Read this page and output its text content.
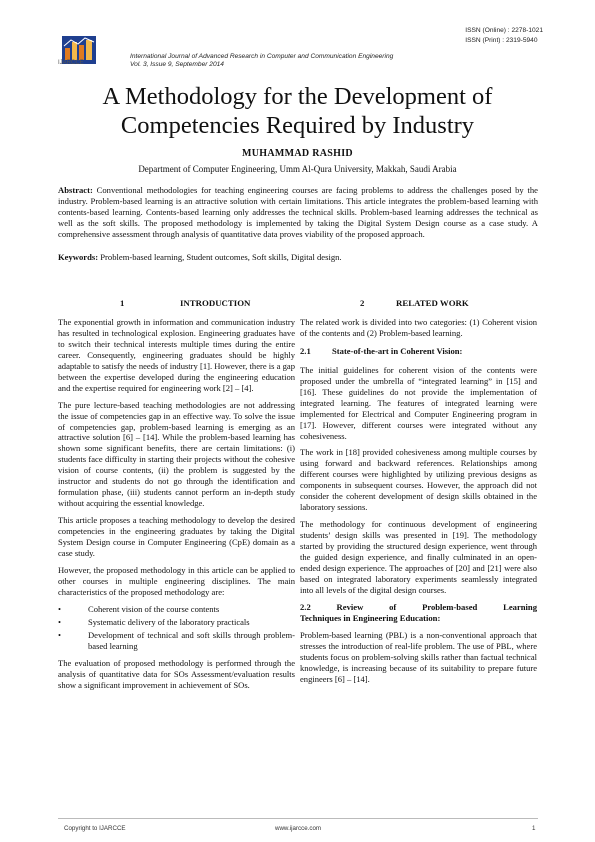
IJARCCE
ISSN (Online) : 2278-1021
ISSN (Print) : 2319-5940
International Journal of Advanced Research in Computer and Communication Engineering
Vol. 3, Issue 9, September 2014
A Methodology for the Development of
Competencies Required by Industry
MUHAMMAD RASHID
Department of Computer Engineering, Umm Al-Qura University, Makkah, Saudi Arabia
Abstract: Conventional methodologies for teaching engineering courses are facing problems to address the challenges posed by the industry. Problem-based learning is an attractive solution with certain limitations. This article integrates the problem-based learning with contents-based learning. Contents-based learning only addresses the technical skills. Problem-based learning addresses the technical as well as the soft skills. The proposed methodology is implemented by taking the Digital System Design course as a case study. A comprehensive assessment through analysis of quantitative data proves viability of the proposed approach.
Keywords: Problem-based learning, Student outcomes, Soft skills, Digital design.
1	INTRODUCTION

The exponential growth in information and communication industry has resulted in technological explosion. Engineering graduates have to switch their technical interests multiple times during the entire career. Consequently, engineering graduates should be highly adaptable to satisfy the needs of industry [1]. However, there is a gap between the expertise developed during the engineering education and the expertise required for engineering work [2] – [4].

The pure lecture-based teaching methodologies are not addressing the issue of competencies gap in an effective way. To solve the issue of competencies gap, problem-based learning is emerging as an attractive solution [6] – [14]. While the problem-based learning has shown some significant benefits, there are certain limitations: (i) students face difficulty in starting their projects without the cohesive vision of course contents, (ii) the problem is suggested by the instructor and students do not go through the identification and formulation phase, (iii) students cannot perform an in-depth study without acquiring the essential knowledge.

This article proposes a teaching methodology to develop the desired competencies in the engineering graduates by taking the Digital System Design course in Computer Engineering (CpE) domain as a case study.

However, the proposed methodology in this article can be applied to other courses in multiple engineering disciplines. The main characteristics of the proposed methodology are:

•	Coherent vision of the course contents
•	Systematic delivery of the laboratory practicals
•	Development of technical and soft skills through problem-based learning

The evaluation of proposed methodology is performed through the analysis of quantitative data for SOs Assessment/evaluation results show a significant improvement in achievement of SOs.

2	RELATED WORK

The related work is divided into two categories: (1) Coherent vision of the contents and (2) Problem-based learning.

2.1	State-of-the-art in Coherent Vision:

The initial guidelines for coherent vision of the contents were proposed under the umbrella of “integrated learning” in [15] and [16]. These guidelines do not provide the implementation of integrated learning. The features of integrated learning were implemented for Electrical and Computer Engineering program in [17]. However, different courses were integrated without any cohesiveness.

The work in [18] provided cohesiveness among multiple courses by using forward and backward references. Relationships among different courses were highlighted by utilizing previous designs as components in subsequent courses. However, the approach did not consider the coherent development of design skills obtained in the laboratory sessions.

The methodology for continuous development of engineering students’ design skills was presented in [19]. The methodology started by providing the structured design experience, went through the guided design experience, and finally culminated in an open-ended design experience. The approaches of [20] and [21] were also based on integrated laboratory experiments seamlessly integrated into all levels of the digital design courses.

2.2       Review       of       Problem-based       Learning Techniques in Engineering Education:

Problem-based learning (PBL) is a non-conventional approach that stresses the introduction of real-life problem. The use of PBL, where students focus on problem-solving skills rather than factual technical knowledge, is increasing because of its suitability to prepare future engineers [6] – [14].

Copyright to IJARCCE	www.ijarcce.com	1
